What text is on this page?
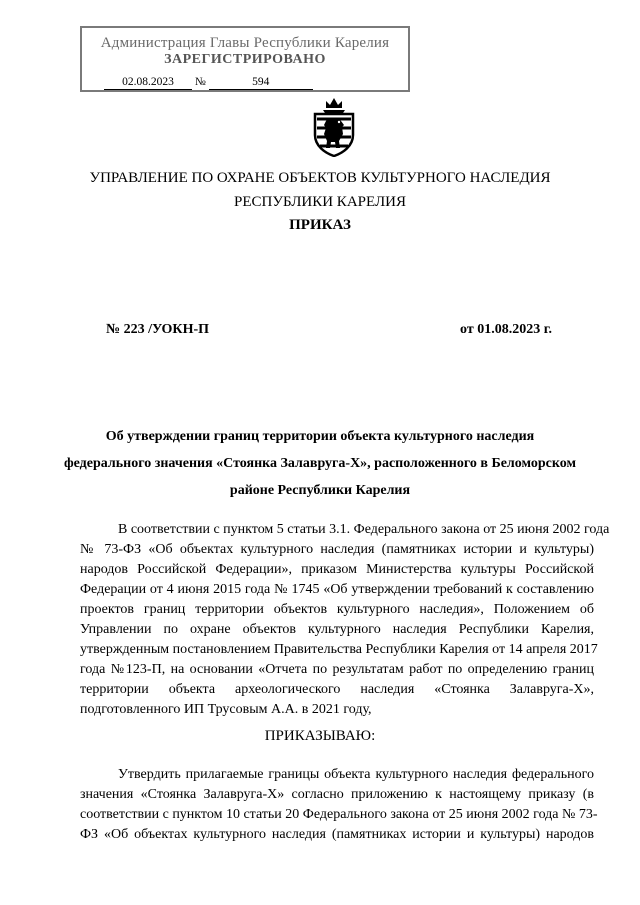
Администрация Главы Республики Карелия
ЗАРЕГИСТРИРОВАНО
02.08.2023 №	594
УПРАВЛЕНИЕ ПО ОХРАНЕ ОБЪЕКТОВ КУЛЬТУРНОГО НАСЛЕДИЯ
РЕСПУБЛИКИ КАРЕЛИЯ
ПРИКАЗ
№ 223 /УОКН-П	от 01.08.2023 г.
Об утверждении границ территории объекта культурного наследия
федерального значения «Стоянка Залавруга-Х», расположенного в Беломорском
районе Республики Карелия
В соответствии с пунктом 5 статьи 3.1. Федерального закона от 25 июня 2002 года
№ 73-ФЗ «Об объектах культурного наследия (памятниках истории и культуры)
народов Российской Федерации», приказом Министерства культуры Российской
Федерации от 4 июня 2015 года № 1745 «Об утверждении требований к составлению
проектов границ территории объектов культурного наследия», Положением об
Управлении по охране объектов культурного наследия Республики Карелия,
утвержденным постановлением Правительства Республики Карелия от 14 апреля 2017
года №123-П, на основании «Отчета по результатам работ по определению границ
территории объекта археологического наследия «Стоянка Залавруга-Х»,
подготовленного ИП Трусовым А.А. в 2021 году,
ПРИКАЗЫВАЮ:
Утвердить прилагаемые границы объекта культурного наследия федерального
значения «Стоянка Залавруга-Х» согласно приложению к настоящему приказу (в
соответствии с пунктом 10 статьи 20 Федерального закона от 25 июня 2002 года № 73-
ФЗ «Об объектах культурного наследия (памятниках истории и культуры) народов
